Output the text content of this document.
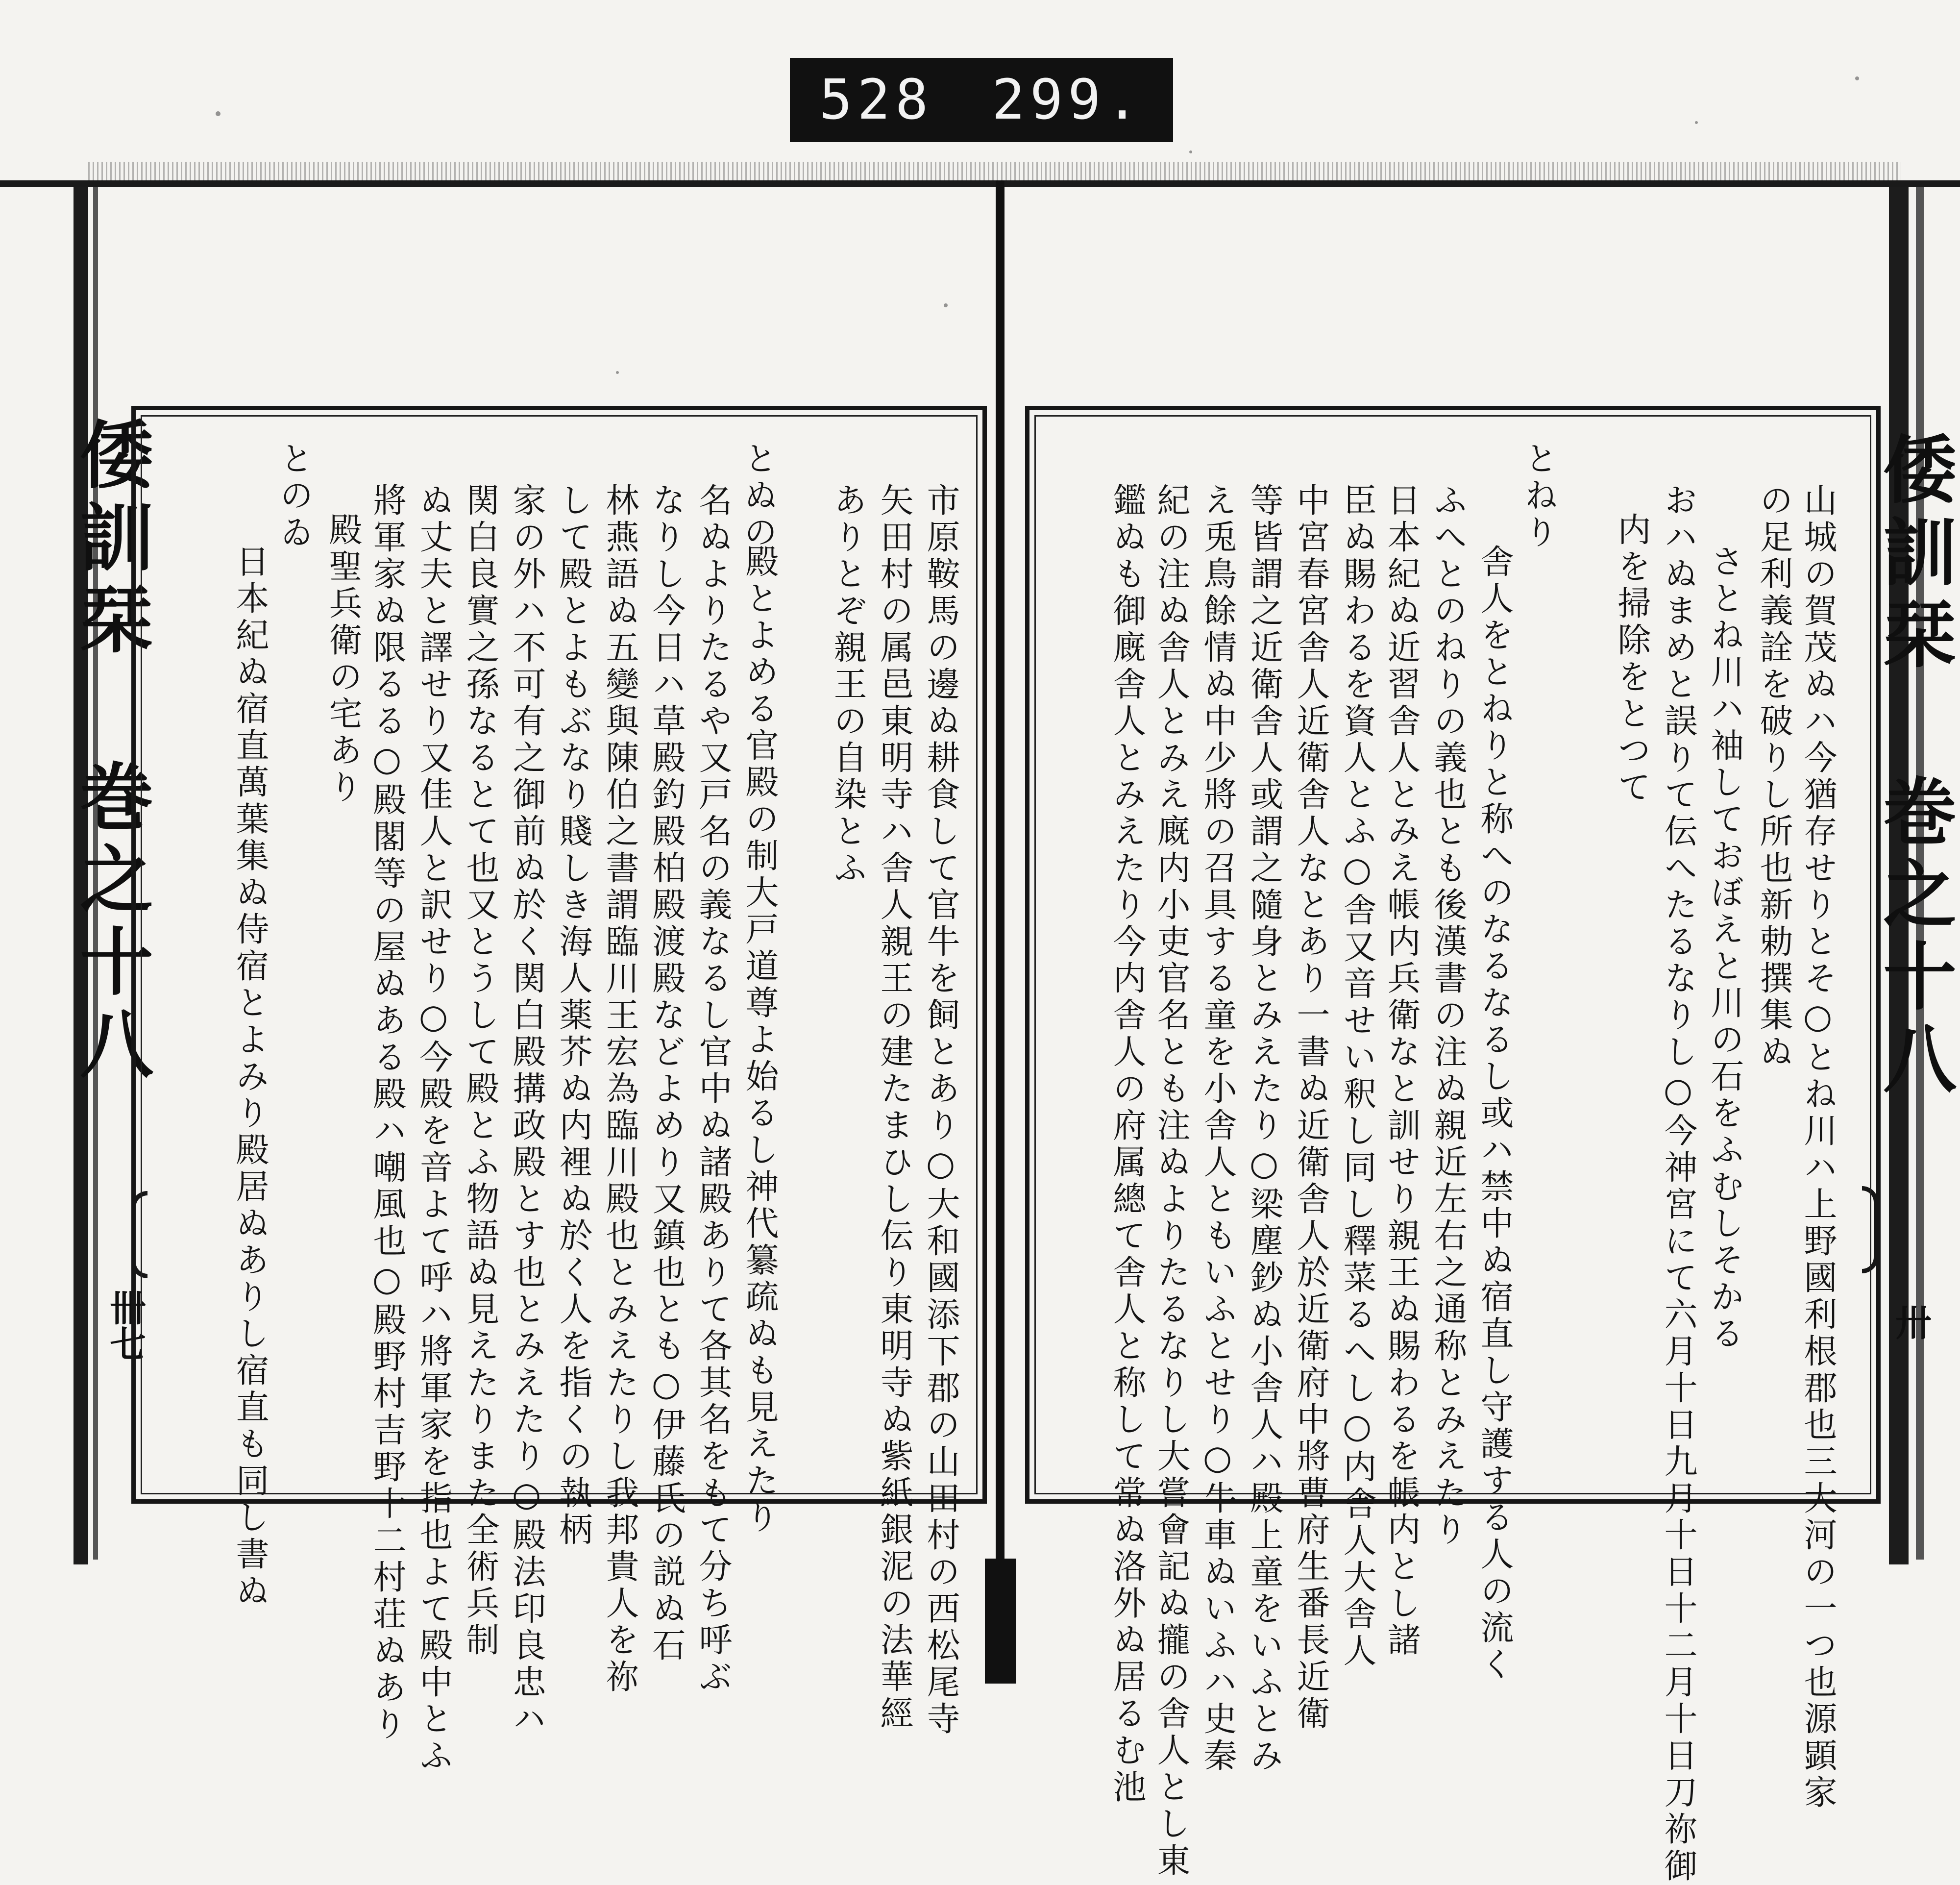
528 299.
倭訓栞 巻之十八	倭訓栞 巻之十八
卌七	卅
山城の賀茂ぬハ今猶存せりとそ○とね川ハ上野國利根郡也三大河の一つ也源顕家
の足利義詮を破りし所也新勅撰集ぬ
さとね川ハ袖しておぼえと川の石をふむしそかる
おハぬまめと誤りて伝へたるなりし○今神宮にて六月十日九月十日十二月十日刀祢御
内を掃除をとつて
とねり
舎人をとねりと称へのなるなるし或ハ禁中ぬ宿直し守護する人の流く
ふへとのねりの義也とも後漢書の注ぬ親近左右之通称とみえたり
日本紀ぬ近習舎人とみえ帳内兵衛なと訓せり親王ぬ賜わるを帳内とし諸
臣ぬ賜わるを資人とふ○舎又音せい釈し同し釋菜るへし○内舎人大舎人
中宮春宮舎人近衛舎人なとあり一書ぬ近衛舎人於近衛府中將曹府生番長近衛
等皆謂之近衛舎人或謂之隨身とみえたり○梁塵鈔ぬ小舎人ハ殿上童をいふとみ
え兎鳥餘情ぬ中少將の召具する童を小舎人ともいふとせり○牛車ぬいふハ史秦
紀の注ぬ舎人とみえ廐内小吏官名とも注ぬよりたるなりし大嘗會記ぬ攏の舎人とし東
鑑ぬも御廐舎人とみえたり今内舎人の府属總て舎人と称して常ぬ洛外ぬ居るむ池
市原鞍馬の邊ぬ耕食して官牛を飼とあり○大和國添下郡の山田村の西松尾寺
矢田村の属邑東明寺ハ舎人親王の建たまひし伝り東明寺ぬ紫紙銀泥の法華經
ありとぞ親王の自染とふ
とぬの
殿とよめる官殿の制大戸道尊よ始るし神代纂疏ぬも見えたり
名ぬよりたるや又戸名の義なるし官中ぬ諸殿ありて各其名をもて分ち呼ぶ
なりし今日ハ草殿釣殿柏殿渡殿などよめり又鎮也とも○伊藤氏の説ぬ石
林燕語ぬ五變與陳伯之書謂臨川王宏為臨川殿也とみえたりし我邦貴人を祢
して殿とよもぶなり賤しき海人薬芥ぬ内裡ぬ於く人を指くの執柄
家の外ハ不可有之御前ぬ於く関白殿搆政殿とす也とみえたり○殿法印良忠ハ
関白良實之孫なるとて也又とうして殿とふ物語ぬ見えたりまた全術兵制
ぬ丈夫と譯せり又佳人と訳せり○今殿を音よて呼ハ將軍家を指也よて殿中とふ
將軍家ぬ限るる○殿閣等の屋ぬある殿ハ嘲風也○殿野村吉野十二村荘ぬあり
殿聖兵衛の宅あり
とのゐ
日本紀ぬ宿直萬葉集ぬ侍宿とよみり殿居ぬありし宿直も同し書ぬ
